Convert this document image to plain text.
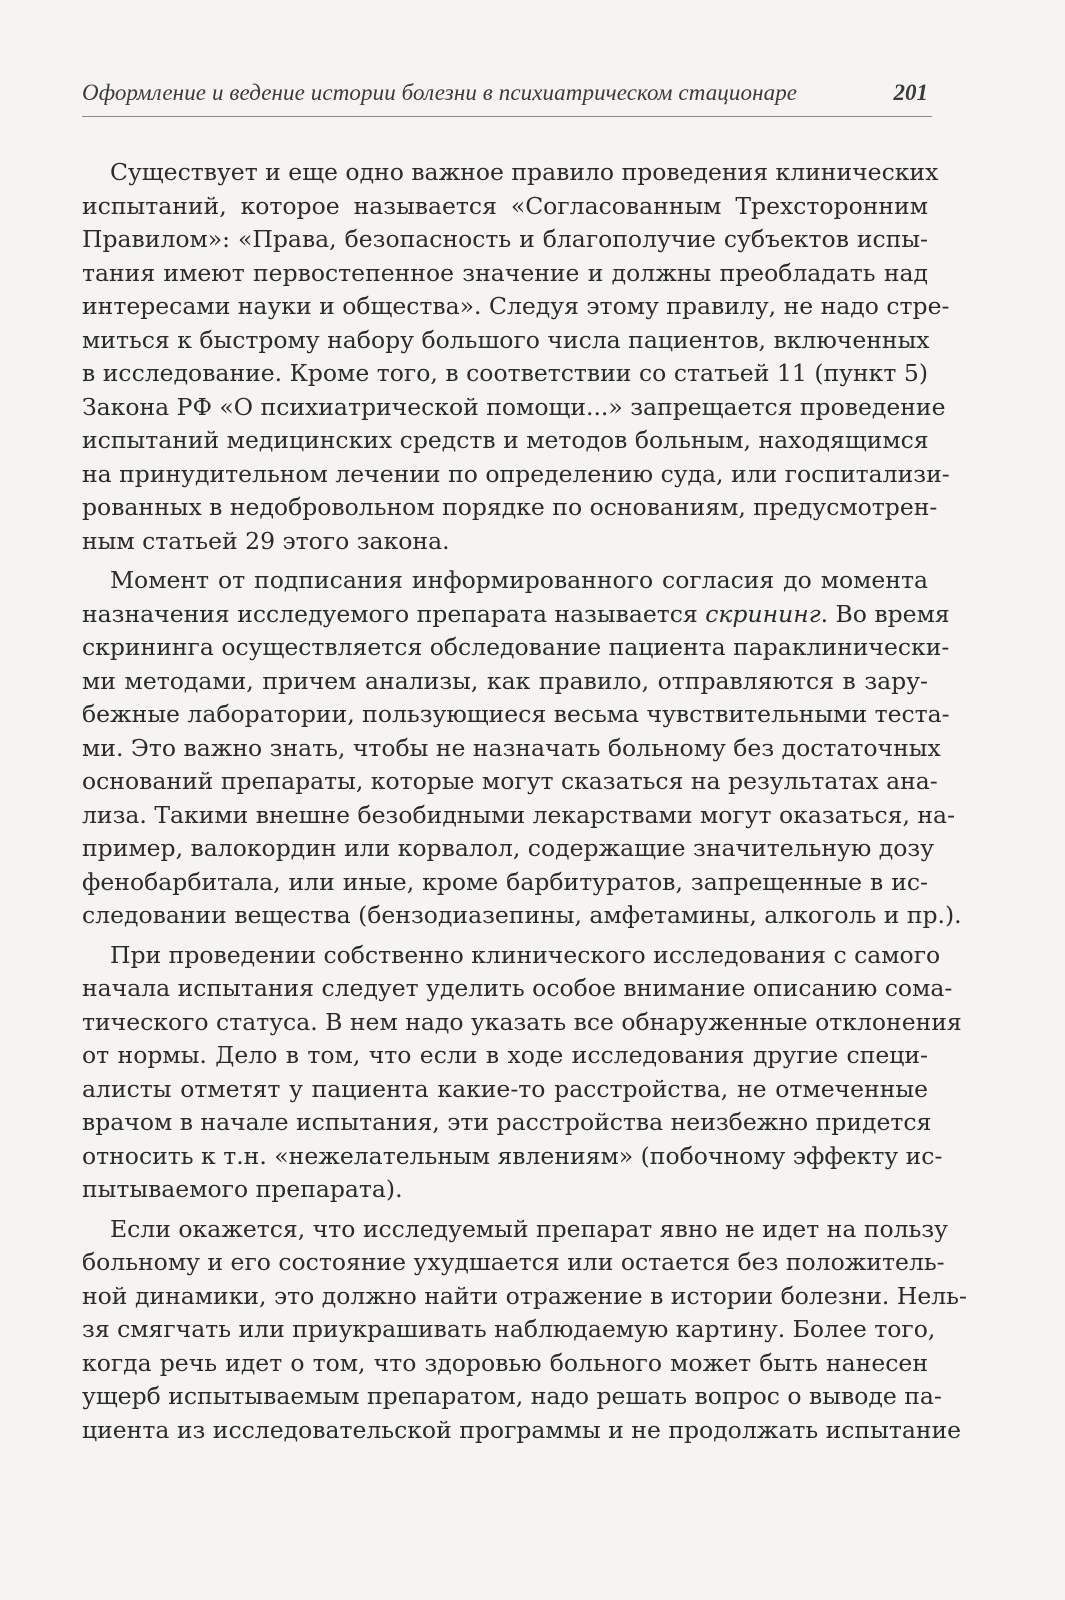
Оформление и ведение истории болезни в психиатрическом стационаре	201
Существует и еще одно важное правило проведения клинических
испытаний, которое называется «Согласованным Трехсторонним
Правилом»: «Права, безопасность и благополучие субъектов испы-
тания имеют первостепенное значение и должны преобладать над
интересами науки и общества». Следуя этому правилу, не надо стре-
миться к быстрому набору большого числа пациентов, включенных
в исследование. Кроме того, в соответствии со статьей 11 (пункт 5)
Закона РФ «О психиатрической помощи...» запрещается проведение
испытаний медицинских средств и методов больным, находящимся
на принудительном лечении по определению суда, или госпитализи-
рованных в недобровольном порядке по основаниям, предусмотрен-
ным статьей 29 этого закона.
Момент от подписания информированного согласия до момента
назначения исследуемого препарата называется скрининг. Во время
скрининга осуществляется обследование пациента параклинически-
ми методами, причем анализы, как правило, отправляются в зару-
бежные лаборатории, пользующиеся весьма чувствительными теста-
ми. Это важно знать, чтобы не назначать больному без достаточных
оснований препараты, которые могут сказаться на результатах ана-
лиза. Такими внешне безобидными лекарствами могут оказаться, на-
пример, валокордин или корвалол, содержащие значительную дозу
фенобарбитала, или иные, кроме барбитуратов, запрещенные в ис-
следовании вещества (бензодиазепины, амфетамины, алкоголь и пр.).
При проведении собственно клинического исследования с самого
начала испытания следует уделить особое внимание описанию сома-
тического статуса. В нем надо указать все обнаруженные отклонения
от нормы. Дело в том, что если в ходе исследования другие специ-
алисты отметят у пациента какие-то расстройства, не отмеченные
врачом в начале испытания, эти расстройства неизбежно придется
относить к т.н. «нежелательным явлениям» (побочному эффекту ис-
пытываемого препарата).
Если окажется, что исследуемый препарат явно не идет на пользу
больному и его состояние ухудшается или остается без положитель-
ной динамики, это должно найти отражение в истории болезни. Нель-
зя смягчать или приукрашивать наблюдаемую картину. Более того,
когда речь идет о том, что здоровью больного может быть нанесен
ущерб испытываемым препаратом, надо решать вопрос о выводе па-
циента из исследовательской программы и не продолжать испытание
